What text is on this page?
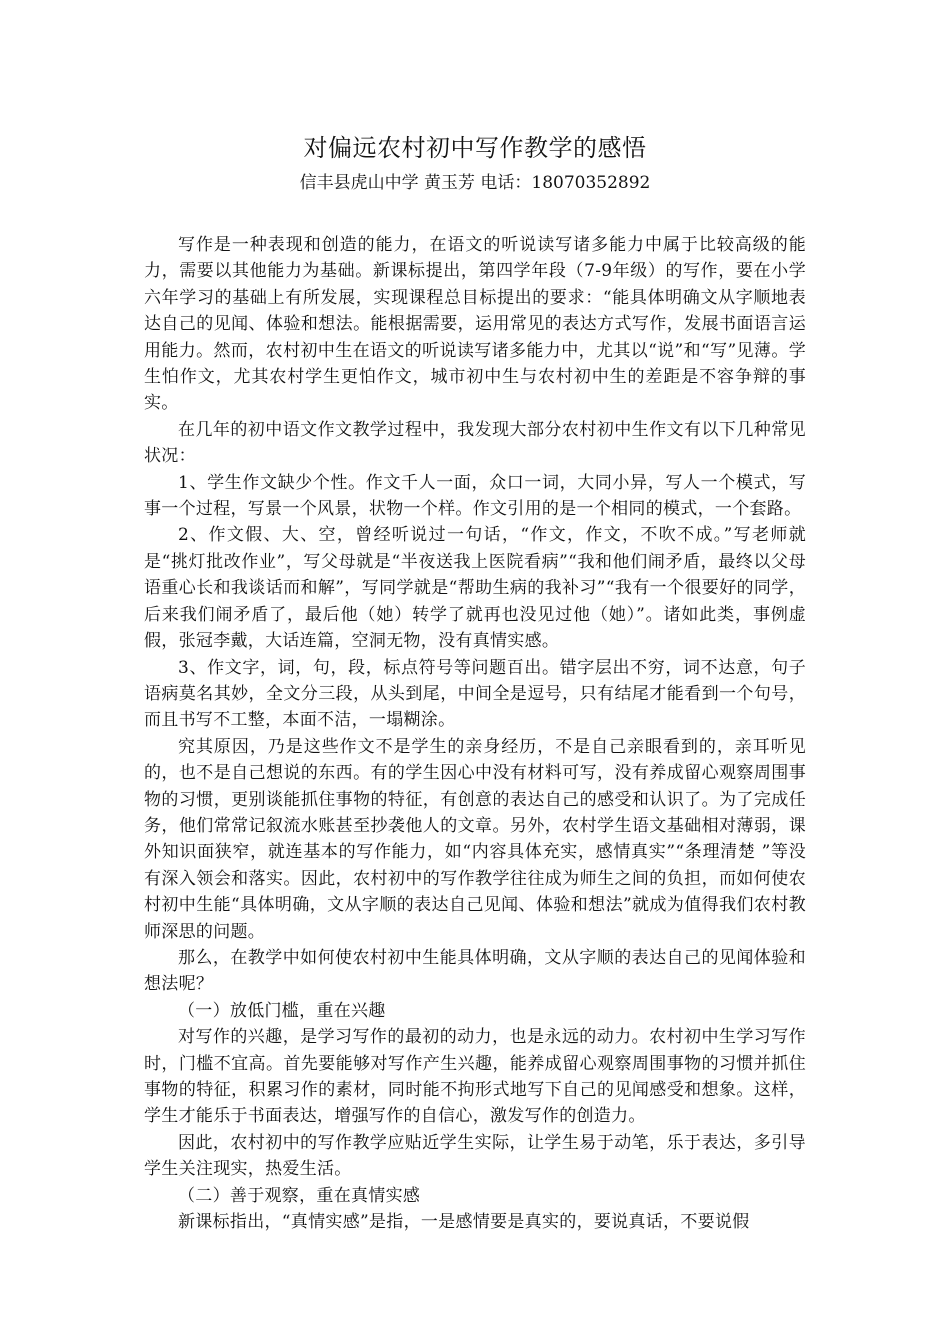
对偏远农村初中写作教学的感悟

信丰县虎山中学 黄玉芳 电话：18070352892

写作是一种表现和创造的能力，在语文的听说读写诸多能力中属于比较高级的能力，需要以其他能力为基础。新课标提出，第四学年段（7-9年级）的写作，要在小学六年学习的基础上有所发展，实现课程总目标提出的要求：“能具体明确文从字顺地表达自己的见闻、体验和想法。能根据需要，运用常见的表达方式写作，发展书面语言运用能力。然而，农村初中生在语文的听说读写诸多能力中，尤其以“说”和“写”见薄。学生怕作文，尤其农村学生更怕作文，城市初中生与农村初中生的差距是不容争辩的事实。

在几年的初中语文作文教学过程中，我发现大部分农村初中生作文有以下几种常见状况：

1、学生作文缺少个性。作文千人一面，众口一词，大同小异，写人一个模式，写事一个过程，写景一个风景，状物一个样。作文引用的是一个相同的模式，一个套路。

2、作文假、大、空，曾经听说过一句话，“作文，作文，不吹不成。”写老师就是“挑灯批改作业”，写父母就是“半夜送我上医院看病”“我和他们闹矛盾，最终以父母语重心长和我谈话而和解”，写同学就是“帮助生病的我补习”“我有一个很要好的同学，后来我们闹矛盾了，最后他（她）转学了就再也没见过他（她）”。诸如此类，事例虚假，张冠李戴，大话连篇，空洞无物，没有真情实感。

3、作文字，词，句，段，标点符号等问题百出。错字层出不穷，词不达意，句子语病莫名其妙，全文分三段，从头到尾，中间全是逗号，只有结尾才能看到一个句号，而且书写不工整，本面不洁，一塌糊涂。

究其原因，乃是这些作文不是学生的亲身经历，不是自己亲眼看到的，亲耳听见的，也不是自己想说的东西。有的学生因心中没有材料可写，没有养成留心观察周围事物的习惯，更别谈能抓住事物的特征，有创意的表达自己的感受和认识了。为了完成任务，他们常常记叙流水账甚至抄袭他人的文章。另外，农村学生语文基础相对薄弱，课外知识面狭窄，就连基本的写作能力，如“内容具体充实，感情真实”“条理清楚 ”等没有深入领会和落实。因此，农村初中的写作教学往往成为师生之间的负担，而如何使农村初中生能“具体明确，文从字顺的表达自己见闻、体验和想法”就成为值得我们农村教师深思的问题。

那么，在教学中如何使农村初中生能具体明确，文从字顺的表达自己的见闻体验和想法呢？

（一）放低门槛，重在兴趣

对写作的兴趣，是学习写作的最初的动力，也是永远的动力。农村初中生学习写作时，门槛不宜高。首先要能够对写作产生兴趣，能养成留心观察周围事物的习惯并抓住事物的特征，积累习作的素材，同时能不拘形式地写下自己的见闻感受和想象。这样，学生才能乐于书面表达，增强写作的自信心，激发写作的创造力。

因此，农村初中的写作教学应贴近学生实际，让学生易于动笔，乐于表达，多引导学生关注现实，热爱生活。

（二）善于观察，重在真情实感

新课标指出，“真情实感”是指，一是感情要是真实的，要说真话，不要说假
